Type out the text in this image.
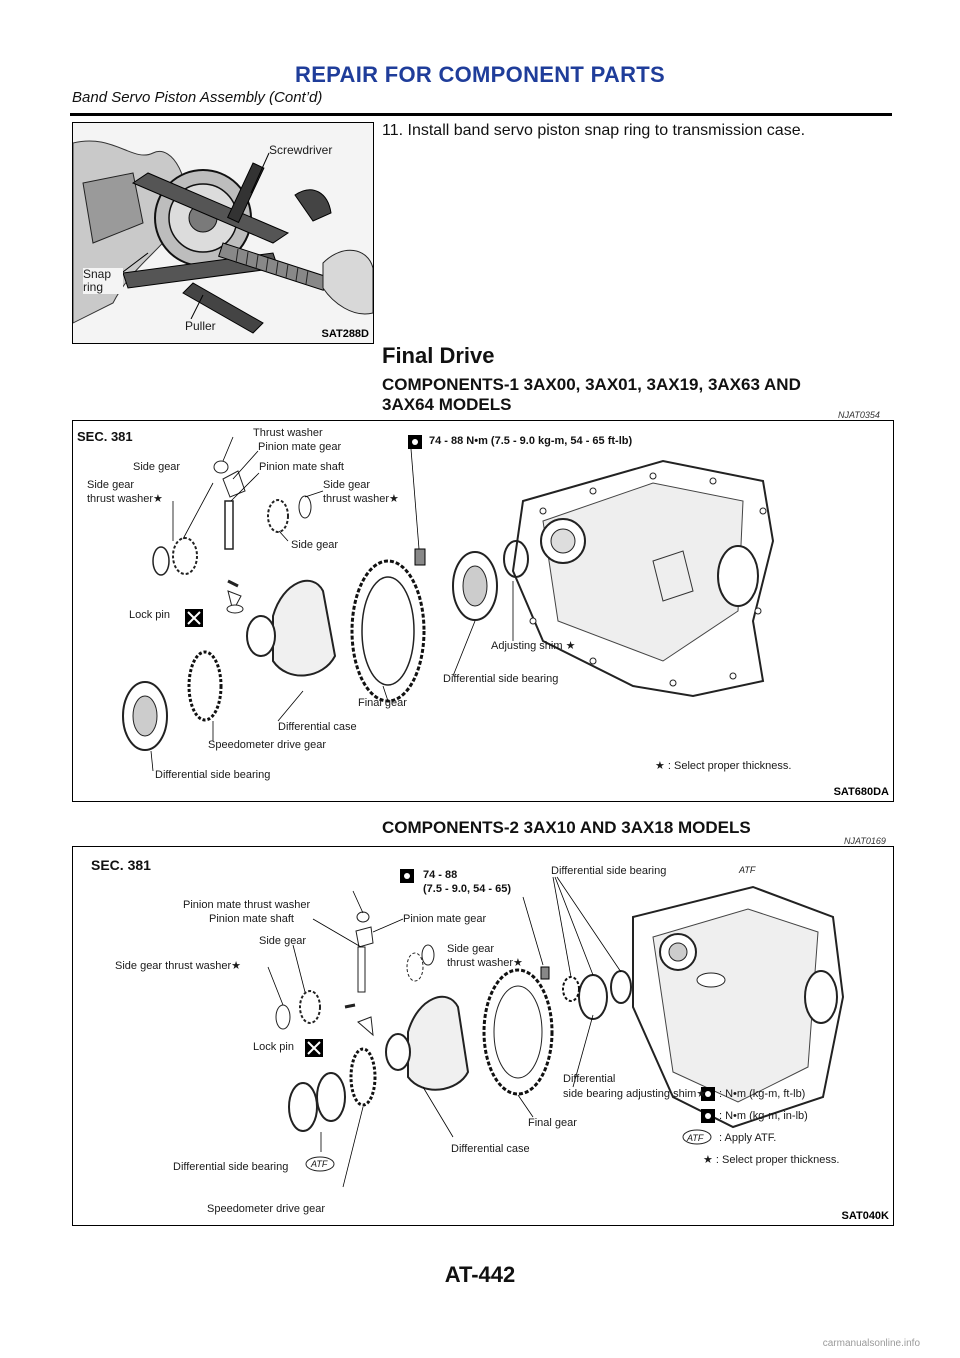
REPAIR FOR COMPONENT PARTS
Band Servo Piston Assembly (Cont’d)
Screwdriver
Snap ring
Puller
SAT288D
11. Install band servo piston snap ring to transmission case.
Final Drive
COMPONENTS-1 3AX00, 3AX01, 3AX19, 3AX63 AND
3AX64 MODELS
NJAT0354
SEC. 381	74 - 88 N•m (7.5 - 9.0 kg-m, 54 - 65 ft-lb)
Thrust washer
Pinion mate gear
Side gear	Pinion mate shaft
Side gear
thrust washer★
Side gear
thrust washer★
Side gear
Lock pin
Adjusting shim ★
Differential side bearing
Final gear
Differential case
Speedometer drive gear
Differential side bearing
★ : Select proper thickness.
SAT680DA
COMPONENTS-2 3AX10 AND 3AX18 MODELS
NJAT0169
SEC. 381
74 - 88
(7.5 - 9.0, 54 - 65)
Differential side bearing	ATF
Pinion mate thrust washer
Pinion mate shaft	Pinion mate gear
Side gear
Side gear thrust washer★
Side gear
thrust washer★
Lock pin
Differential
side bearing adjusting shim★
Final gear
Differential case
Differential side bearing	ATF
Speedometer drive gear
ATF
: N•m (kg-m, ft-lb)
: N•m (kg-m, in-lb)
: Apply ATF.
★ : Select proper thickness.
SAT040K
AT-442
carmanualsonline.info
